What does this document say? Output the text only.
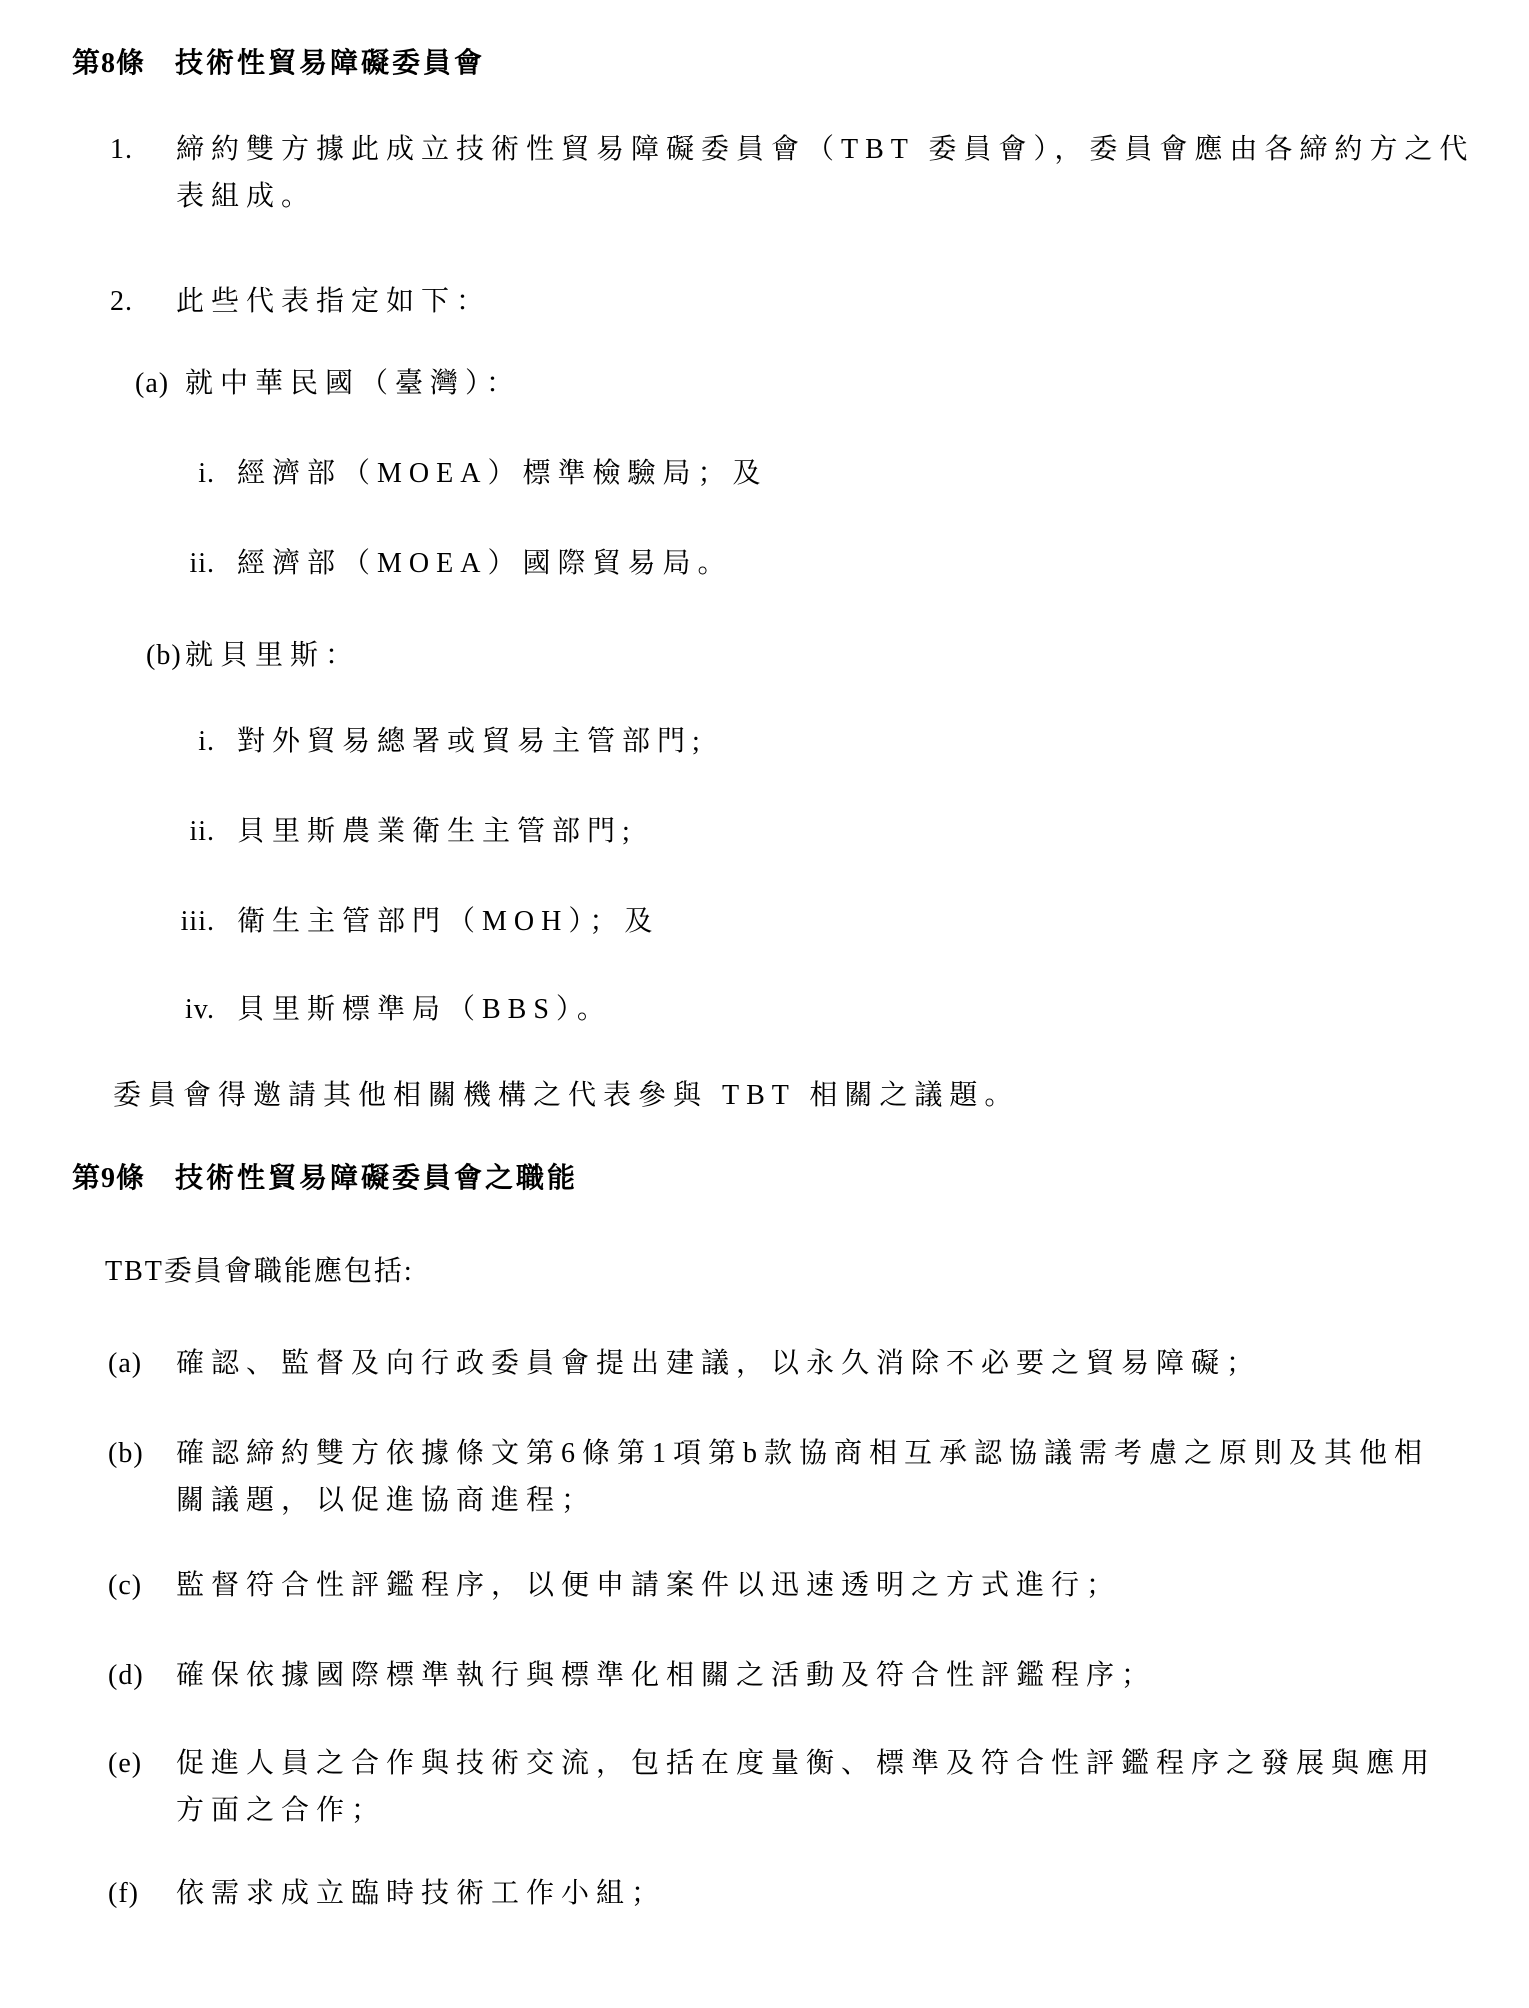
第8條	技術性貿易障礙委員會
1.	締約雙方據此成立技術性貿易障礙委員會（TBT 委員會），委員會應由各締約方之代
表組成。
2.	此些代表指定如下：
(a) 就中華民國（臺灣）：
i. 經濟部（MOEA）標準檢驗局；及
ii. 經濟部（MOEA）國際貿易局。
(b) 就貝里斯：
i. 對外貿易總署或貿易主管部門;
ii. 貝里斯農業衛生主管部門;
iii. 衛生主管部門（MOH）；及
iv. 貝里斯標準局（BBS）。
委員會得邀請其他相關機構之代表參與 TBT 相關之議題。
第9條	技術性貿易障礙委員會之職能
TBT委員會職能應包括:
(a)	確認、監督及向行政委員會提出建議，以永久消除不必要之貿易障礙；
(b)	確認締約雙方依據條文第6條第1項第b款協商相互承認協議需考慮之原則及其他相
關議題，以促進協商進程；
(c)	監督符合性評鑑程序，以便申請案件以迅速透明之方式進行；
(d)	確保依據國際標準執行與標準化相關之活動及符合性評鑑程序；
(e)	促進人員之合作與技術交流，包括在度量衡、標準及符合性評鑑程序之發展與應用
方面之合作；
(f)	依需求成立臨時技術工作小組；
